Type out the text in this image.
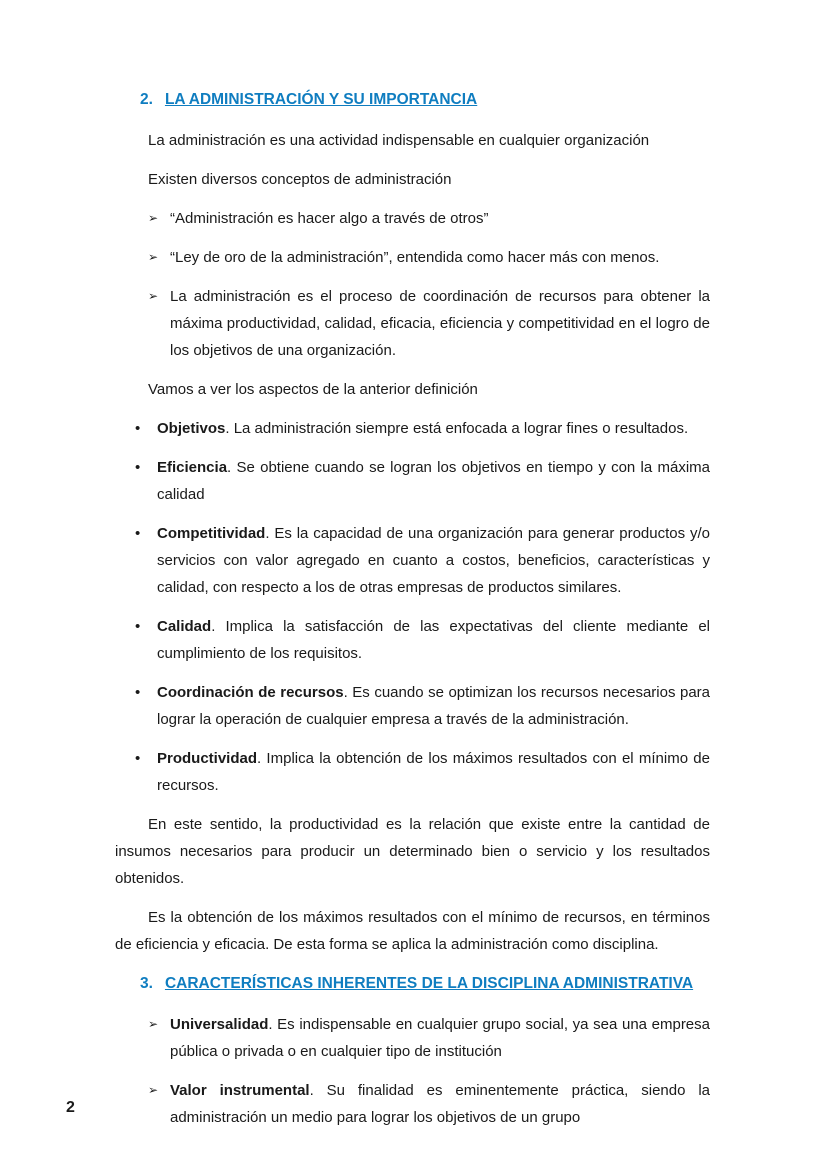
2. LA ADMINISTRACIÓN Y SU IMPORTANCIA

La administración es una actividad indispensable en cualquier organización

Existen diversos conceptos de administración

➢ “Administración es hacer algo a través de otros”
➢ “Ley de oro de la administración”, entendida como hacer más con menos.
➢ La administración es el proceso de coordinación de recursos para obtener la máxima productividad, calidad, eficacia, eficiencia y competitividad en el logro de los objetivos de una organización.

Vamos a ver los aspectos de la anterior definición

• Objetivos. La administración siempre está enfocada a lograr fines o resultados.
• Eficiencia. Se obtiene cuando se logran los objetivos en tiempo y con la máxima calidad
• Competitividad. Es la capacidad de una organización para generar productos y/o servicios con valor agregado en cuanto a costos, beneficios, características y calidad, con respecto a los de otras empresas de productos similares.
• Calidad. Implica la satisfacción de las expectativas del cliente mediante el cumplimiento de los requisitos.
• Coordinación de recursos. Es cuando se optimizan los recursos necesarios para lograr la operación de cualquier empresa a través de la administración.
• Productividad. Implica la obtención de los máximos resultados con el mínimo de recursos.

En este sentido, la productividad es la relación que existe entre la cantidad de insumos necesarios para producir un determinado bien o servicio y los resultados obtenidos.

Es la obtención de los máximos resultados con el mínimo de recursos, en términos de eficiencia y eficacia. De esta forma se aplica la administración como disciplina.

3. CARACTERÍSTICAS INHERENTES DE LA DISCIPLINA ADMINISTRATIVA
➢ Universalidad. Es indispensable en cualquier grupo social, ya sea una empresa pública o privada o en cualquier tipo de institución
➢ Valor instrumental. Su finalidad es eminentemente práctica, siendo la administración un medio para lograr los objetivos de un grupo
2
